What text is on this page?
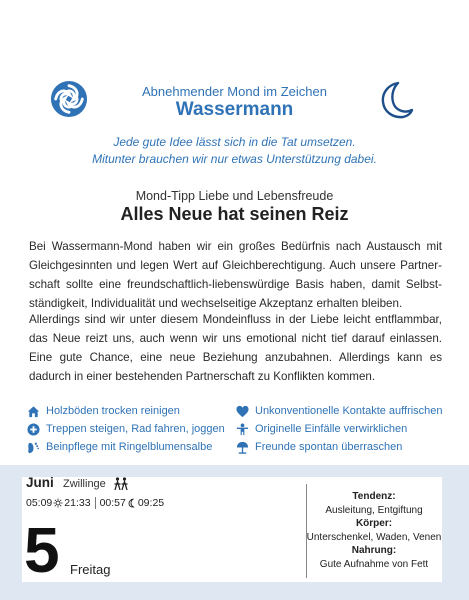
Abnehmender Mond im Zeichen
Wassermann
Jede gute Idee lässt sich in die Tat umsetzen.
Mitunter brauchen wir nur etwas Unterstützung dabei.
Mond-Tipp Liebe und Lebensfreude
Alles Neue hat seinen Reiz
Bei Wassermann-Mond haben wir ein großes Bedürfnis nach Austausch mit Gleichgesinnten und legen Wert auf Gleichberechtigung. Auch unsere Partnerschaft sollte eine freundschaftlich-liebenswürdige Basis haben, damit Selbstständigkeit, Individualität und wechselseitige Akzeptanz erhalten bleiben.
Allerdings sind wir unter diesem Mondeinfluss in der Liebe leicht entflammbar, das Neue reizt uns, auch wenn wir uns emotional nicht tief darauf einlassen. Eine gute Chance, eine neue Beziehung anzubahnen. Allerdings kann es dadurch in einer bestehenden Partnerschaft zu Konflikten kommen.
Holzböden trocken reinigen
Treppen steigen, Rad fahren, joggen
Beinpflege mit Ringelblumensalbe
Unkonventionelle Kontakte auffrischen
Originelle Einfälle verwirklichen
Freunde spontan überraschen
Juni Zwillinge
05:09 21:33 00:57 09:25
5 Freitag
Tendenz:
Ausleitung, Entgiftung
Körper:
Unterschenkel, Waden, Venen
Nahrung:
Gute Aufnahme von Fett
